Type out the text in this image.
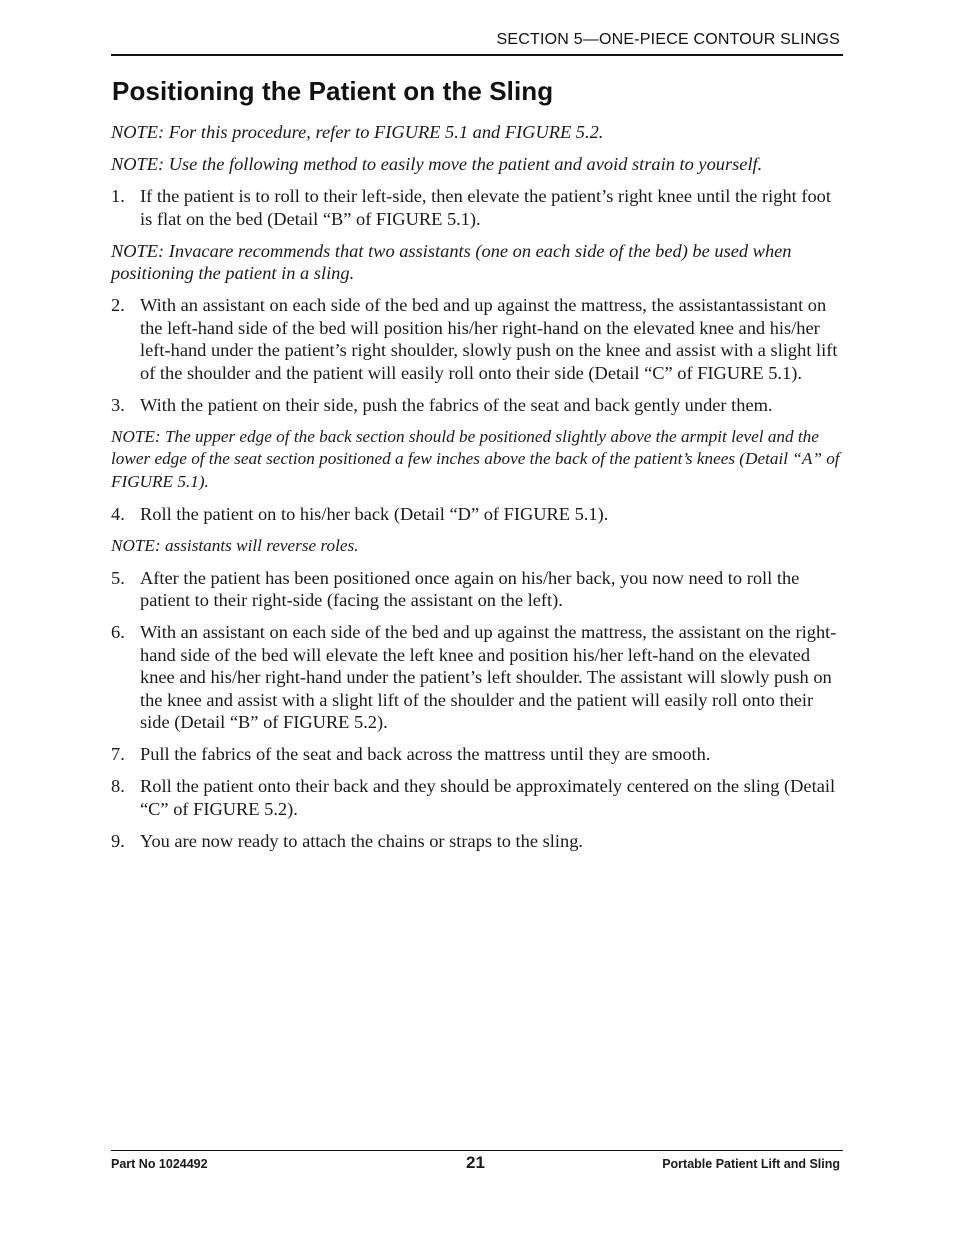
SECTION 5—ONE-PIECE CONTOUR SLINGS
Positioning the Patient on the Sling

NOTE: For this procedure, refer to FIGURE 5.1 and FIGURE 5.2.

NOTE: Use the following method to easily move the patient and avoid strain to yourself.

1. If the patient is to roll to their left-side, then elevate the patient’s right knee until the right foot is flat on the bed (Detail “B” of FIGURE 5.1).

NOTE: Invacare recommends that two assistants (one on each side of the bed) be used when positioning the patient in a sling.

2. With an assistant on each side of the bed and up against the mattress, the assistantassistant on the left-hand side of the bed will position his/her right-hand on the elevated knee and his/her left-hand under the patient’s right shoulder, slowly push on the knee and assist with a slight lift of the shoulder and the patient will easily roll onto their side (Detail “C” of FIGURE 5.1).
3. With the patient on their side, push the fabrics of the seat and back gently under them.

NOTE: The upper edge of the back section should be positioned slightly above the armpit level and the lower edge of the seat section positioned a few inches above the back of the patient’s knees (Detail “A” of FIGURE 5.1).

4. Roll the patient on to his/her back (Detail “D” of FIGURE 5.1).

NOTE: assistants will reverse roles.

5. After the patient has been positioned once again on his/her back, you now need to roll the patient to their right-side (facing the assistant on the left).
6. With an assistant on each side of the bed and up against the mattress, the assistant on the right-hand side of the bed will elevate the left knee and position his/her left-hand on the elevated knee and his/her right-hand under the patient’s left shoulder. The assistant will slowly push on the knee and assist with a slight lift of the shoulder and the patient will easily roll onto their side (Detail “B” of FIGURE 5.2).
7. Pull the fabrics of the seat and back across the mattress until they are smooth.
8. Roll the patient onto their back and they should be approximately centered on the sling (Detail “C” of FIGURE 5.2).
9. You are now ready to attach the chains or straps to the sling.
Part No 1024492	21	Portable Patient Lift and Sling
